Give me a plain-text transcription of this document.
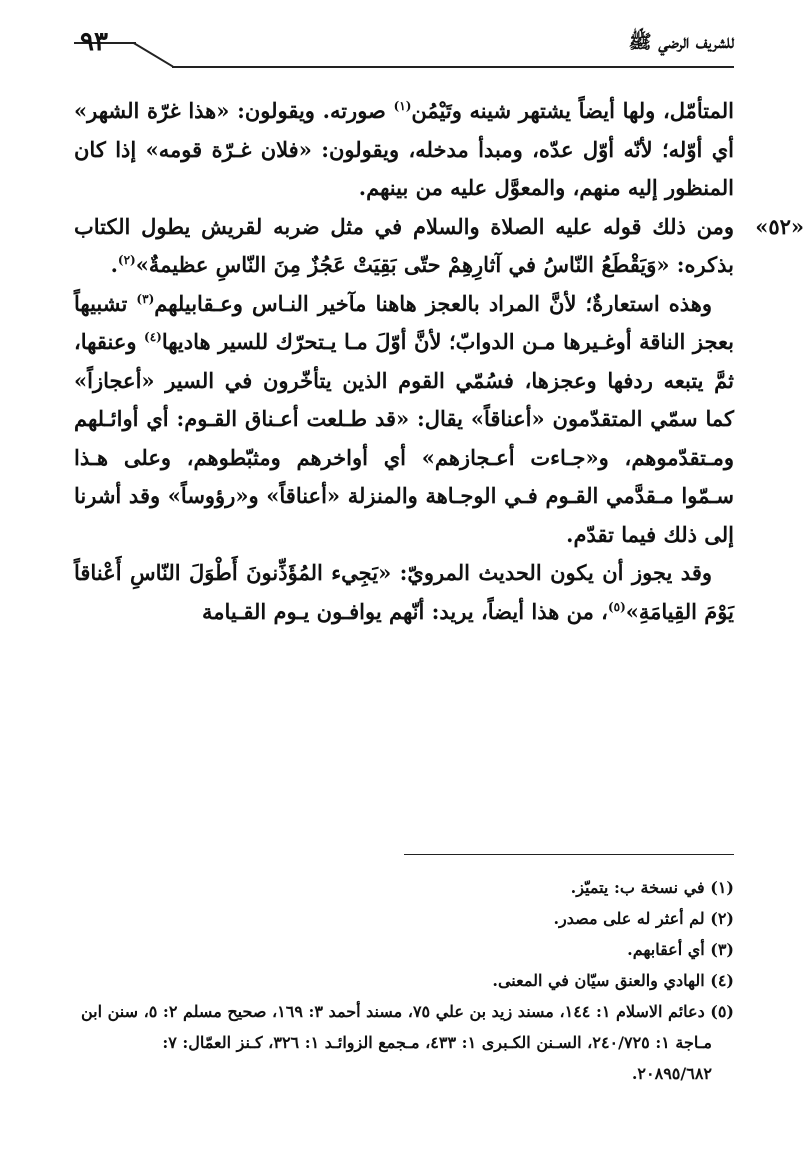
للشريف الرضي ﷺ
٩٣

المتأمّل، ولها أيضاً يشتهر شينه وتَيْمُن$^{(١)}$ صورته. ويقولون: «هذا غرّة الشهر» أي أوّله؛ لأنّه أوّل عدّه، ومبدأ مدخله، ويقولون: «فلان غـرّة قومه» إذا كان المنظور إليه منهم، والمعوَّل عليه من بينهم.

«٥٢»
ومن ذلك قوله عليه الصلاة والسلام في مثل ضربه لقريش يطول الكتاب بذكره: «وَيَقْطَعُ النّاسُ في آثارِهِمْ حتّى بَقِيَتْ عَجُزٌ مِنَ النّاسِ عظيمةٌ»$^{(٢)}$.

وهذه استعارةٌ؛ لأنَّ المراد بالعجز هاهنا مآخير النـاس وعـقابيلهم$^{(٣)}$ تشبيهاً بعجز الناقة أوغـيرها مـن الدوابّ؛ لأنَّ أوّلَ مـا يـتحرّك للسير هاديها$^{(٤)}$ وعنقها، ثمَّ يتبعه ردفها وعجزها، فسُمّي القوم الذين يتأخّرون في السير «أعجازاً» كما سمّي المتقدّمون «أعناقاً» يقال: «قد طـلعت أعـناق القـوم: أي أوائـلهم ومـتقدّموهم، و«جـاءت أعـجازهم» أي أواخرهم ومثبّطوهم، وعلى هـذا سـمّوا مـقدَّمي القـوم فـي الوجـاهة والمنزلة «أعناقاً» و«رؤوساً» وقد أشرنا إلى ذلك فيما تقدّم.

وقد يجوز أن يكون الحديث المرويّ: «يَجِيء المُؤَذِّنونَ أَطْوَلَ النّاسِ أَعْناقاً يَوْمَ القِيامَةِ»$^{(٥)}$، من هذا أيضاً، يريد: أنّهم يوافـون يـوم القـيامة

(١) في نسخة ب: يتميّز.

(٢) لم أعثر له على مصدر.

(٣) أي أعقابهم.

(٤) الهادي والعنق سيّان في المعنى.

(٥) دعائم الاسلام ١: ١٤٤، مسند زيد بن علي ٧٥، مسند أحمد ٣: ١٦٩، صحيح مسلم ٢: ٥، سنن ابن

مـاجة ١: ٢٤٠/٧٢٥، السـنن الكـبرى ١: ٤٣٣، مـجمع الزوائـد ١: ٣٢٦، كـنز العمّال: ٧:

٢٠٨٩٥/٦٨٢.
